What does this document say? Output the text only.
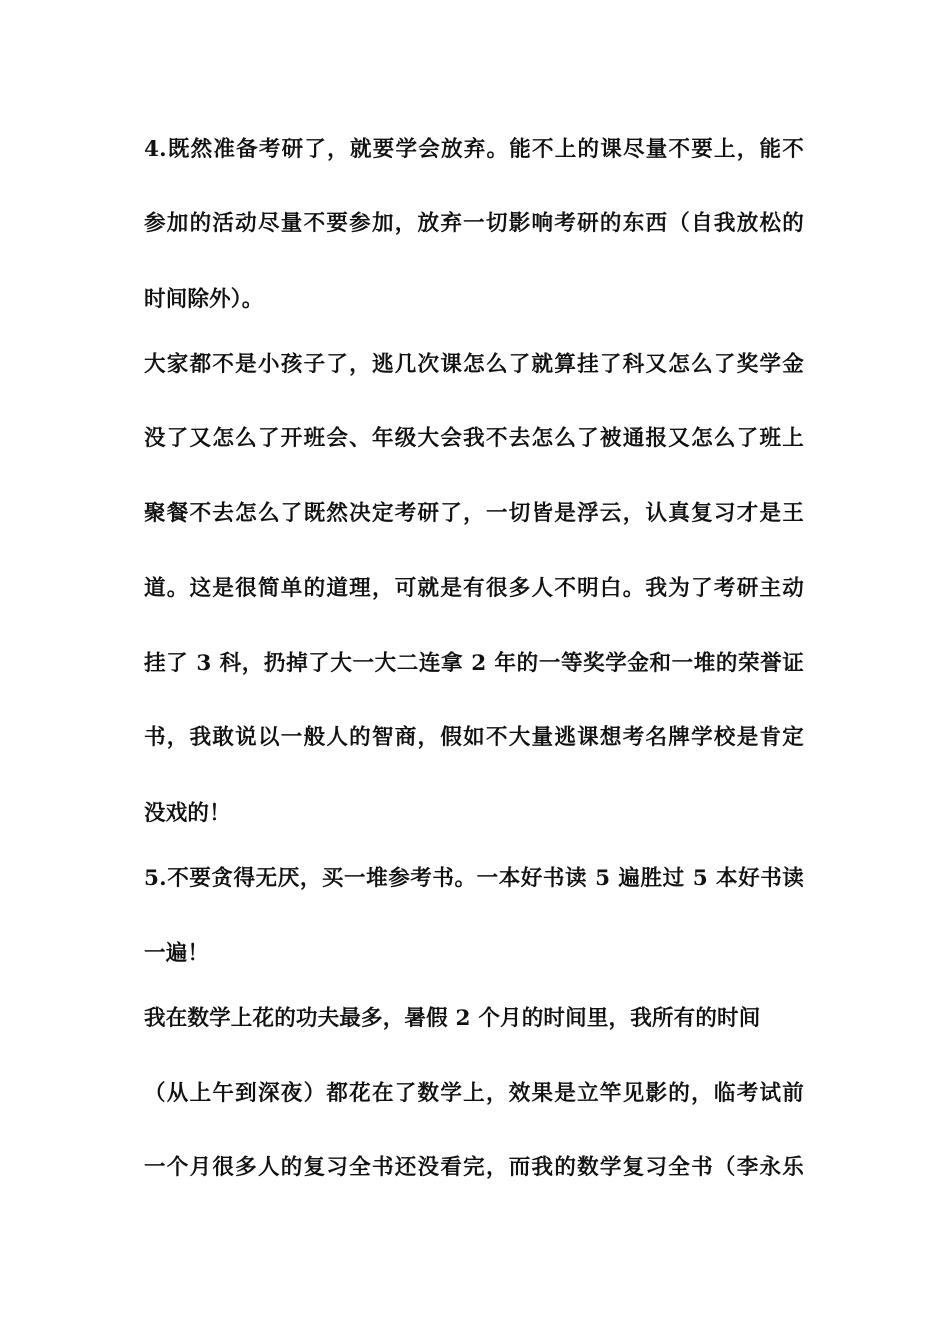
4.既然准备考研了，就要学会放弃。能不上的课尽量不要上，能不
参加的活动尽量不要参加，放弃一切影响考研的东西（自我放松的
时间除外）。
大家都不是小孩子了，逃几次课怎么了就算挂了科又怎么了奖学金
没了又怎么了开班会、年级大会我不去怎么了被通报又怎么了班上
聚餐不去怎么了既然决定考研了，一切皆是浮云，认真复习才是王
道。这是很简单的道理，可就是有很多人不明白。我为了考研主动
挂了 3 科，扔掉了大一大二连拿 2 年的一等奖学金和一堆的荣誉证
书，我敢说以一般人的智商，假如不大量逃课想考名牌学校是肯定
没戏的！
5.不要贪得无厌，买一堆参考书。一本好书读 5 遍胜过 5 本好书读
一遍！
我在数学上花的功夫最多，暑假 2 个月的时间里，我所有的时间
（从上午到深夜）都花在了数学上，效果是立竿见影的，临考试前
一个月很多人的复习全书还没看完，而我的数学复习全书（李永乐
